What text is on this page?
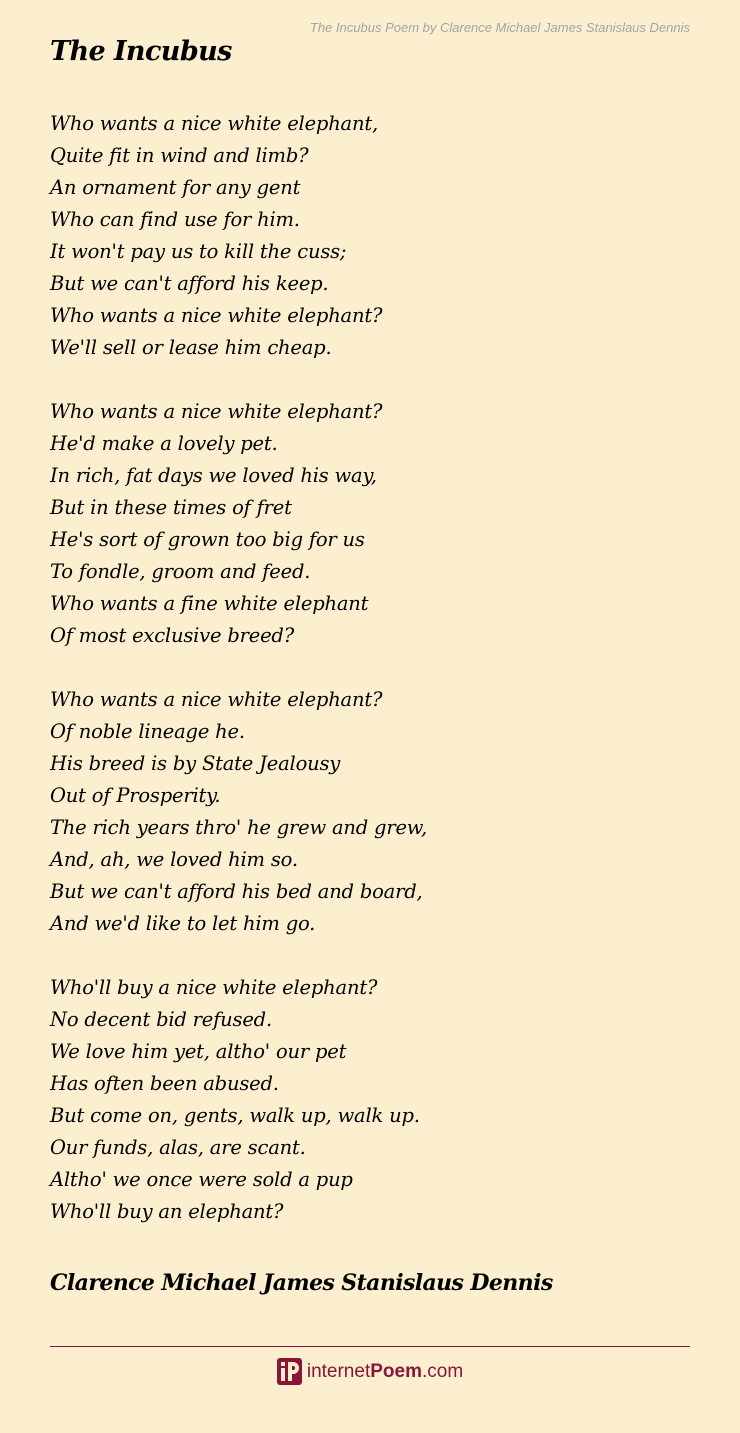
The Incubus Poem by Clarence Michael James Stanislaus Dennis
The Incubus
Who wants a nice white elephant,
Quite fit in wind and limb?
An ornament for any gent
Who can find use for him.
It won't pay us to kill the cuss;
But we can't afford his keep.
Who wants a nice white elephant?
We'll sell or lease him cheap.
Who wants a nice white elephant?
He'd make a lovely pet.
In rich, fat days we loved his way,
But in these times of fret
He's sort of grown too big for us
To fondle, groom and feed.
Who wants a fine white elephant
Of most exclusive breed?
Who wants a nice white elephant?
Of noble lineage he.
His breed is by State Jealousy
Out of Prosperity.
The rich years thro' he grew and grew,
And, ah, we loved him so.
But we can't afford his bed and board,
And we'd like to let him go.
Who'll buy a nice white elephant?
No decent bid refused.
We love him yet, altho' our pet
Has often been abused.
But come on, gents, walk up, walk up.
Our funds, alas, are scant.
Altho' we once were sold a pup
Who'll buy an elephant?
Clarence Michael James Stanislaus Dennis
internet Poem .com
